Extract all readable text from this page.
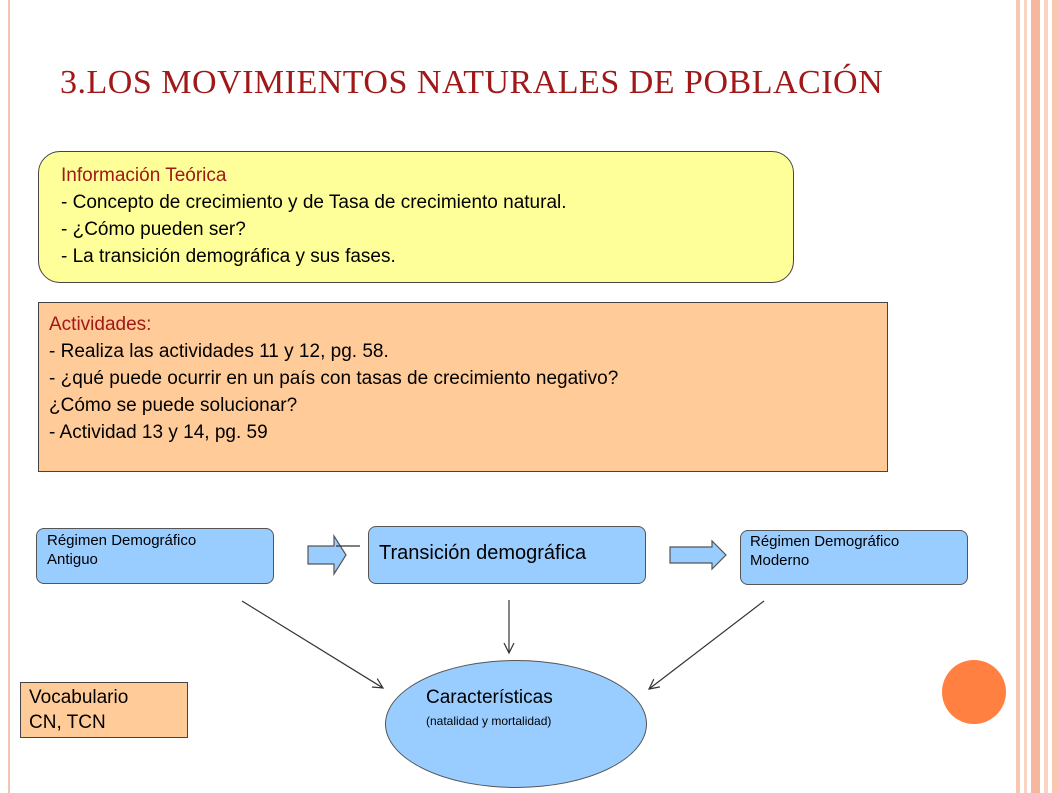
3.LOS MOVIMIENTOS NATURALES DE POBLACIÓN
Información Teórica
- Concepto de crecimiento y de Tasa de crecimiento natural.
- ¿Cómo pueden ser?
- La transición demográfica y sus fases.
Actividades:
- Realiza las actividades 11 y 12, pg. 58.
- ¿qué puede ocurrir en un país con tasas de crecimiento negativo?
¿Cómo se puede solucionar?
- Actividad 13 y 14, pg. 59
Régimen Demográfico
Antiguo	Transición demográfica
Régimen Demográfico
Moderno
Características
(natalidad y mortalidad)
Vocabulario
CN, TCN
